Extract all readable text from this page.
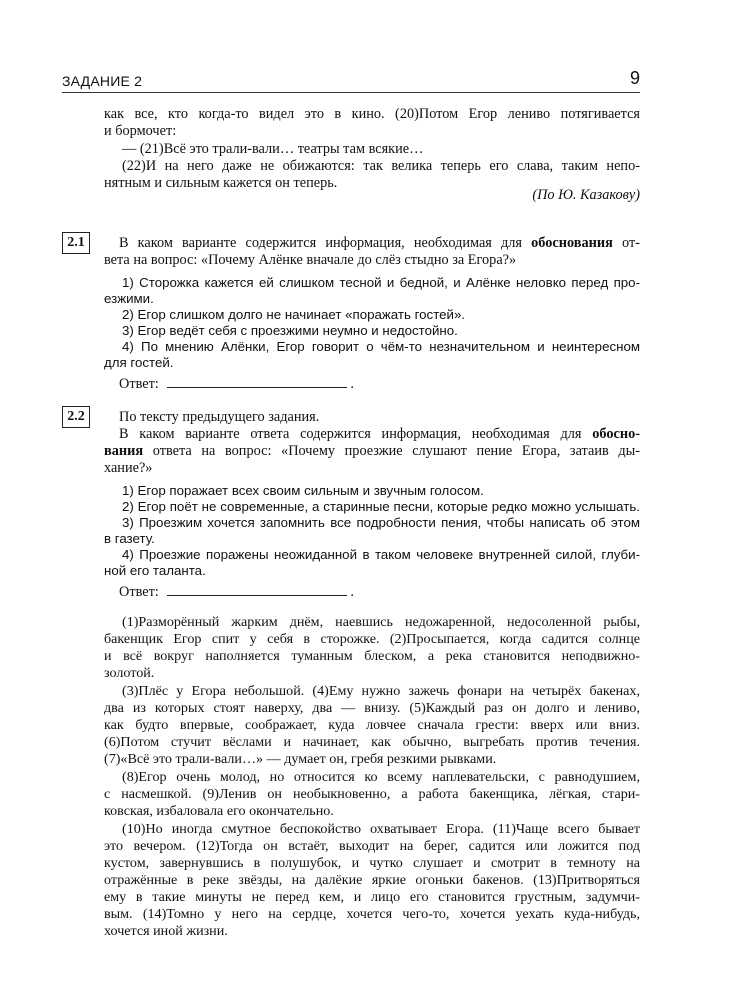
ЗАДАНИЕ 2	9

как все, кто когда-то видел это в кино. (20)Потом Егор лениво потягивается

и бормочет:

— (21)Всё это трали-вали… театры там всякие…

(22)И на него даже не обижаются: так велика теперь его слава, таким непо-

нятным и сильным кажется он теперь.

(По Ю. Казакову)
2.1	В каком варианте содержится информация, необходимая для обоснования от-

вета на вопрос: «Почему Алёнке вначале до слёз стыдно за Егора?»

1) Сторожка кажется ей слишком тесной и бедной, и Алёнке неловко перед про-

езжими.

2) Егор слишком долго не начинает «поражать гостей».

3) Егор ведёт себя с проезжими неумно и недостойно.

4) По мнению Алёнки, Егор говорит о чём-то незначительном и неинтересном

для гостей.

Ответ:	.
2.2	По тексту предыдущего задания.

В каком варианте ответа содержится информация, необходимая для обосно-

вания ответа на вопрос: «Почему проезжие слушают пение Егора, затаив ды-

хание?»

1) Егор поражает всех своим сильным и звучным голосом.

2) Егор поёт не современные, а старинные песни, которые редко можно услышать.

3) Проезжим хочется запомнить все подробности пения, чтобы написать об этом

в газету.

4) Проезжие поражены неожиданной в таком человеке внутренней силой, глуби-

ной его таланта.

Ответ:	.

(1)Разморённый жарким днём, наевшись недожаренной, недосоленной рыбы,

бакенщик Егор спит у себя в сторожке. (2)Просыпается, когда садится солнце

и всё вокруг наполняется туманным блеском, а река становится неподвижно-

золотой.

(3)Плёс у Егора небольшой. (4)Ему нужно зажечь фонари на четырёх бакенах,

два из которых стоят наверху, два — внизу. (5)Каждый раз он долго и лениво,

как будто впервые, соображает, куда ловчее сначала грести: вверх или вниз.

(6)Потом стучит вёслами и начинает, как обычно, выгребать против течения.

(7)«Всё это трали-вали…» — думает он, гребя резкими рывками.

(8)Егор очень молод, но относится ко всему наплевательски, с равнодушием,

с насмешкой. (9)Ленив он необыкновенно, а работа бакенщика, лёгкая, стари-

ковская, избаловала его окончательно.

(10)Но иногда смутное беспокойство охватывает Егора. (11)Чаще всего бывает

это вечером. (12)Тогда он встаёт, выходит на берег, садится или ложится под

кустом, завернувшись в полушубок, и чутко слушает и смотрит в темноту на

отражённые в реке звёзды, на далёкие яркие огоньки бакенов. (13)Притворяться

ему в такие минуты не перед кем, и лицо его становится грустным, задумчи-

вым. (14)Томно у него на сердце, хочется чего-то, хочется уехать куда-нибудь,

хочется иной жизни.
